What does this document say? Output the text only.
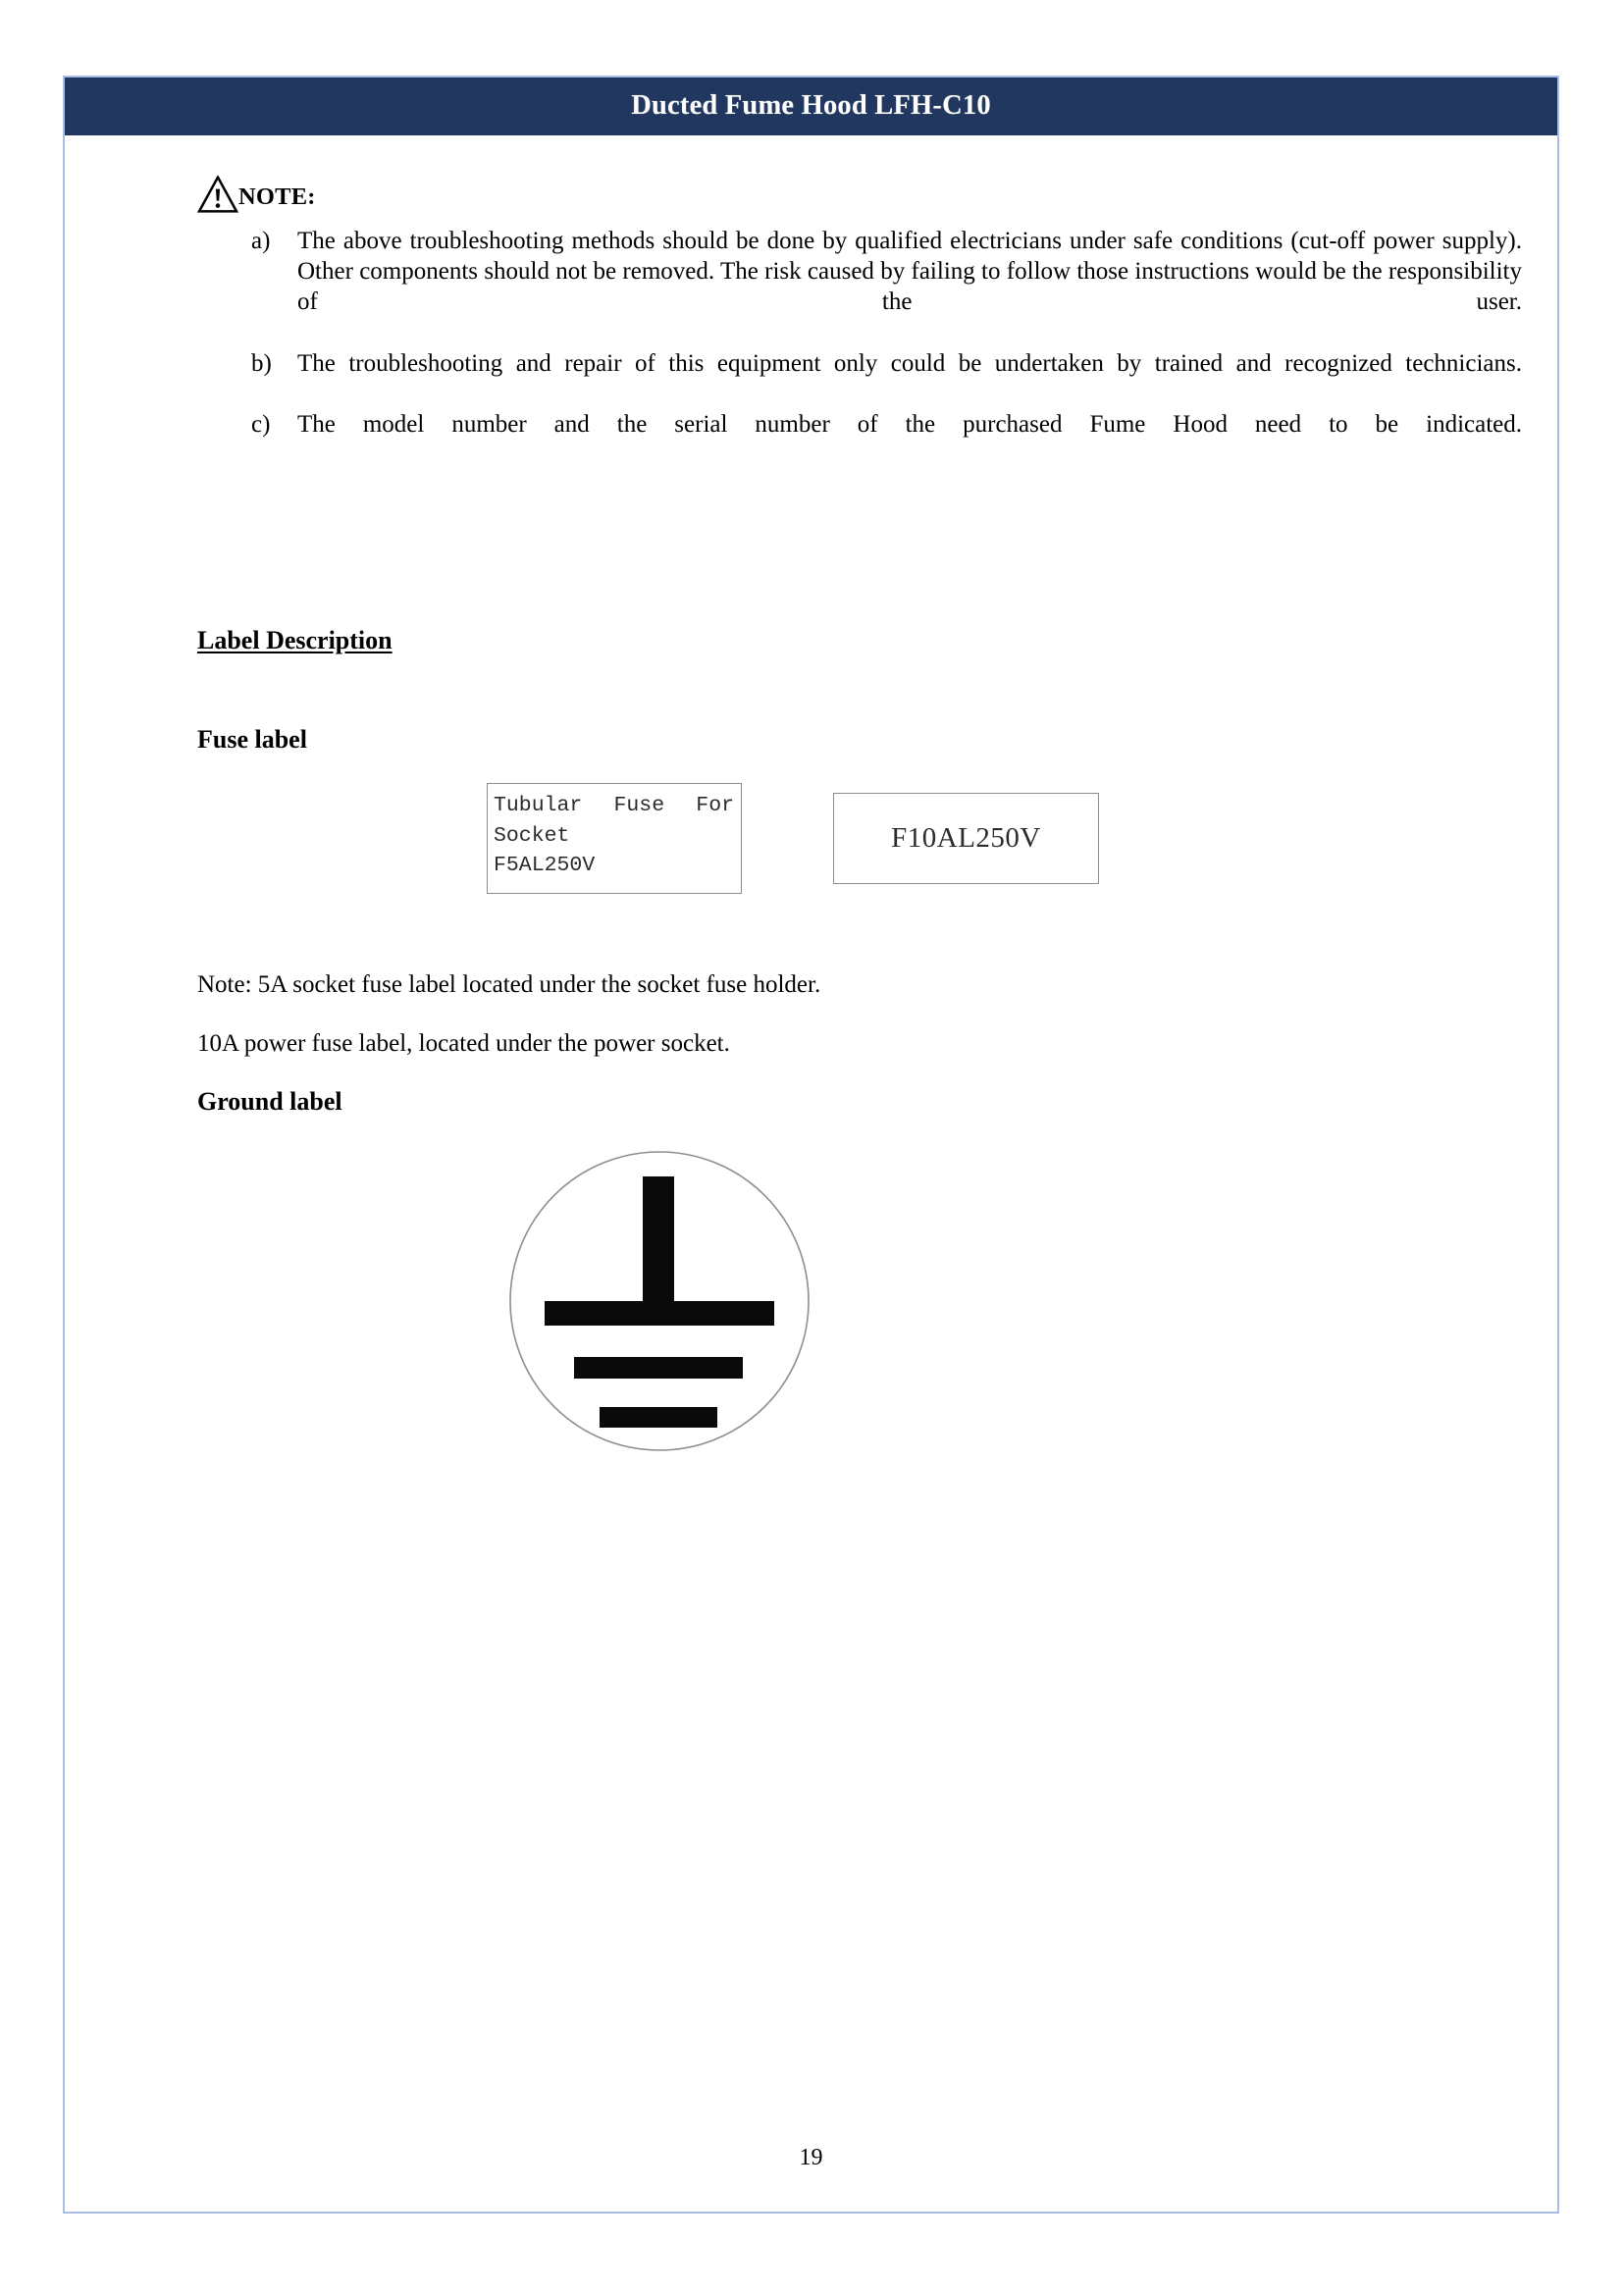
Ducted Fume Hood LFH-C10
NOTE:
a)	The above troubleshooting methods should be done by qualified electricians under safe conditions (cut-off power supply). Other components should not be removed. The risk caused by failing to follow those instructions would be the responsibility of the user.
b)	The troubleshooting and repair of this equipment only could be undertaken by trained and recognized technicians.
c)	The model number and the serial number of the purchased Fume Hood need to be indicated.
Label Description
Fuse label
Tubular Fuse For
Socket
F5AL250V
F10AL250V
Note: 5A socket fuse label located under the socket fuse holder.
10A power fuse label, located under the power socket.
Ground label
19
